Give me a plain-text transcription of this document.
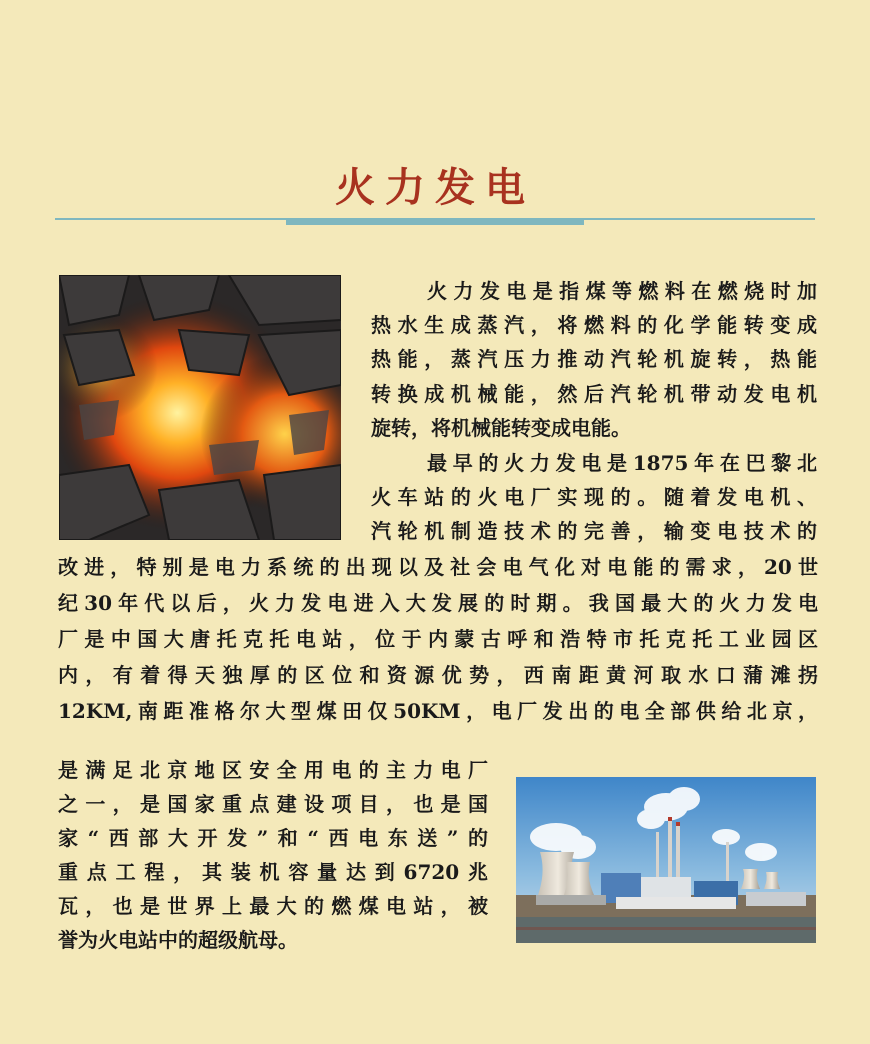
火力发电
火力发电是指煤等燃料在燃烧时加
热水生成蒸汽，将燃料的化学能转变成
热能，蒸汽压力推动汽轮机旋转，热能
转换成机械能，然后汽轮机带动发电机
旋转，将机械能转变成电能。
最早的火力发电是1875年在巴黎北
火车站的火电厂实现的。随着发电机、
汽轮机制造技术的完善，输变电技术的
改进，特别是电力系统的出现以及社会电气化对电能的需求，20世
纪30年代以后，火力发电进入大发展的时期。我国最大的火力发电
厂是中国大唐托克托电站，位于内蒙古呼和浩特市托克托工业园区
内，有着得天独厚的区位和资源优势，西南距黄河取水口蒲滩拐
12KM,南距准格尔大型煤田仅50KM，电厂发出的电全部供给北京，
是满足北京地区安全用电的主力电厂
之一，是国家重点建设项目，也是国
家“西部大开发”和“西电东送”的
重点工程，其装机容量达到6720兆
瓦，也是世界上最大的燃煤电站，被
誉为火电站中的超级航母。
